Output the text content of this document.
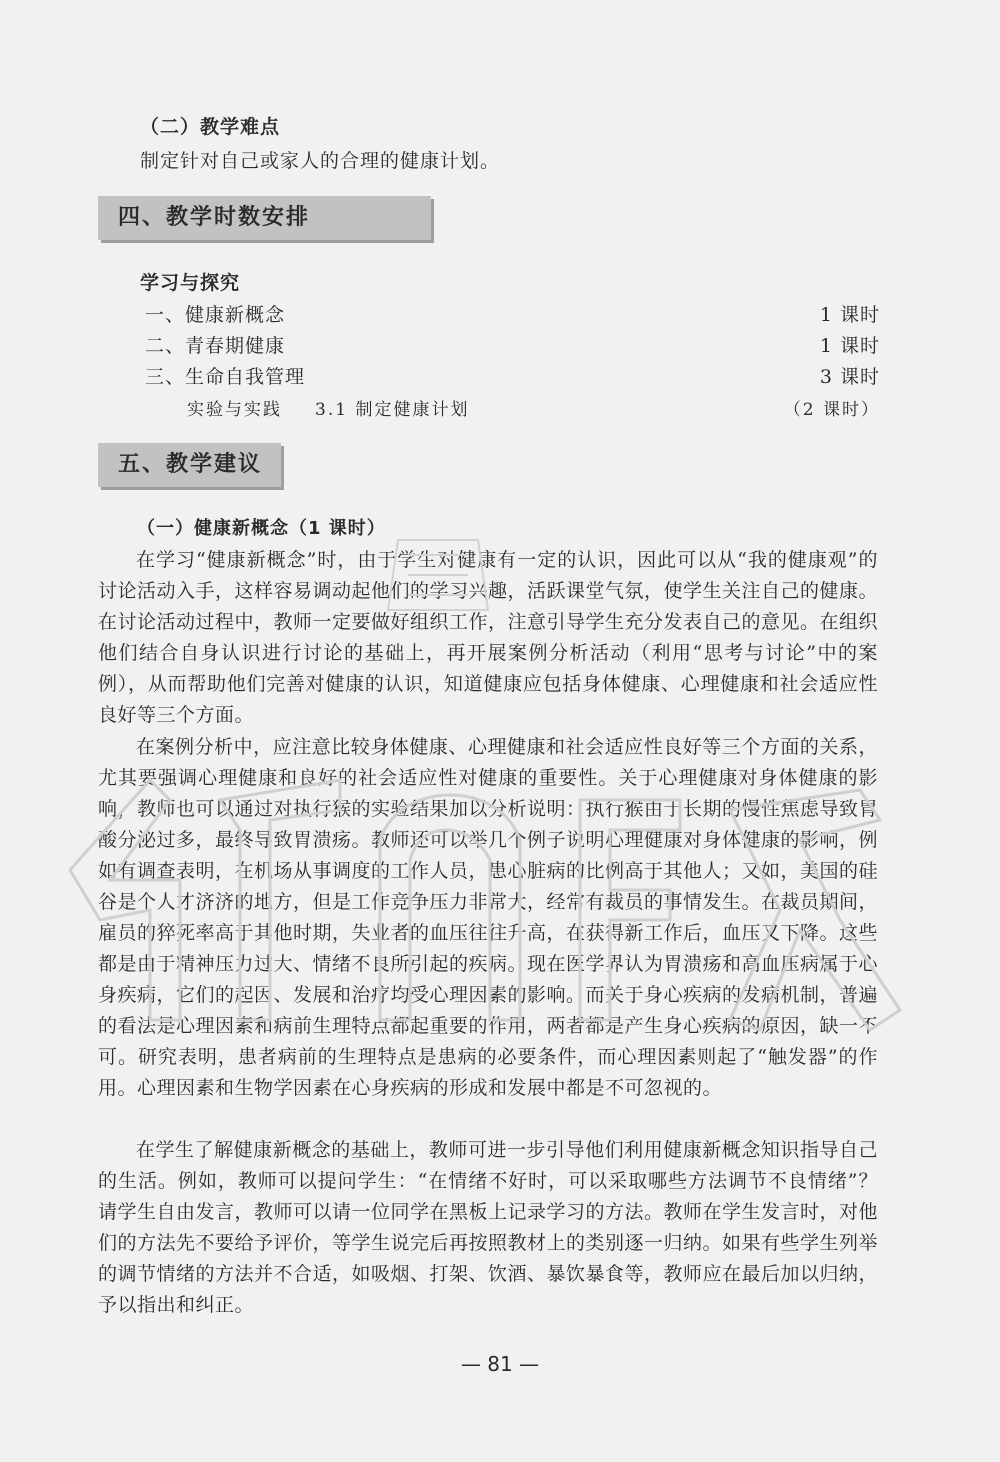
（二）教学难点
制定针对自己或家人的合理的健康计划。
四、教学时数安排
学习与探究
一、健康新概念	1 课时
二、青春期健康	1 课时
三、生命自我管理	3 课时
实验与实践 3.1 制定健康计划	（2 课时）
五、教学建议
（一）健康新概念（1 课时）

在学习“健康新概念”时，由于学生对健康有一定的认识，因此可以从“我的健康观”的讨论活动入手，这样容易调动起他们的学习兴趣，活跃课堂气氛，使学生关注自己的健康。在讨论活动过程中，教师一定要做好组织工作，注意引导学生充分发表自己的意见。在组织他们结合自身认识进行讨论的基础上，再开展案例分析活动（利用“思考与讨论”中的案例），从而帮助他们完善对健康的认识，知道健康应包括身体健康、心理健康和社会适应性良好等三个方面。

在案例分析中，应注意比较身体健康、心理健康和社会适应性良好等三个方面的关系，尤其要强调心理健康和良好的社会适应性对健康的重要性。关于心理健康对身体健康的影响，教师也可以通过对执行猴的实验结果加以分析说明：执行猴由于长期的慢性焦虑导致胃酸分泌过多，最终导致胃溃疡。教师还可以举几个例子说明心理健康对身体健康的影响，例如有调查表明，在机场从事调度的工作人员，患心脏病的比例高于其他人；又如，美国的硅谷是个人才济济的地方，但是工作竞争压力非常大，经常有裁员的事情发生。在裁员期间，雇员的猝死率高于其他时期，失业者的血压往往升高，在获得新工作后，血压又下降。这些都是由于精神压力过大、情绪不良所引起的疾病。现在医学界认为胃溃疡和高血压病属于心身疾病，它们的起因、发展和治疗均受心理因素的影响。而关于身心疾病的发病机制，普遍的看法是心理因素和病前生理特点都起重要的作用，两者都是产生身心疾病的原因，缺一不可。研究表明，患者病前的生理特点是患病的必要条件，而心理因素则起了“触发器”的作用。心理因素和生物学因素在心身疾病的形成和发展中都是不可忽视的。

在学生了解健康新概念的基础上，教师可进一步引导他们利用健康新概念知识指导自己的生活。例如，教师可以提问学生：“在情绪不好时，可以采取哪些方法调节不良情绪”？请学生自由发言，教师可以请一位同学在黑板上记录学习的方法。教师在学生发言时，对他们的方法先不要给予评价，等学生说完后再按照教材上的类别逐一归纳。如果有些学生列举的调节情绪的方法并不合适，如吸烟、打架、饮酒、暴饮暴食等，教师应在最后加以归纳，予以指出和纠正。

— 81 —
